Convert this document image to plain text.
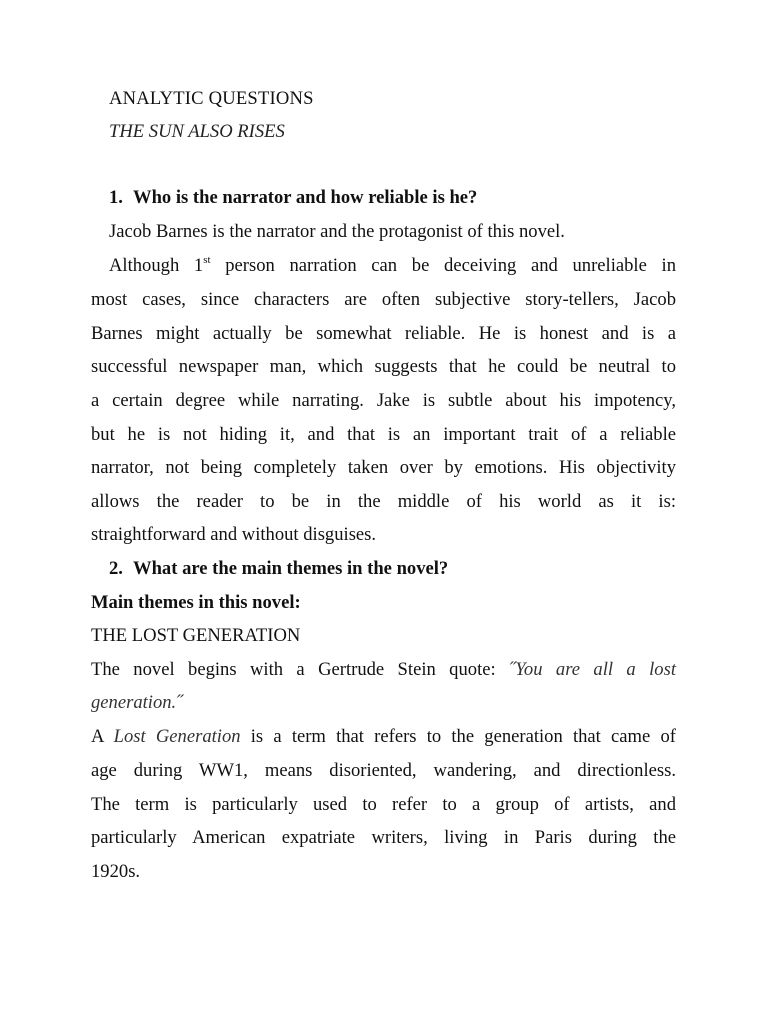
ANALYTIC QUESTIONS
THE SUN ALSO RISES
1. Who is the narrator and how reliable is he?
Jacob Barnes is the narrator and the protagonist of this novel.
Although 1st person narration can be deceiving and unreliable in
most cases, since characters are often subjective story-tellers, Jacob
Barnes might actually be somewhat reliable. He is honest and is a
successful newspaper man, which suggests that he could be neutral to
a certain degree while narrating. Jake is subtle about his impotency,
but he is not hiding it, and that is an important trait of a reliable
narrator, not being completely taken over by emotions. His objectivity
allows the reader to be in the middle of his world as it is:
straightforward and without disguises.
2. What are the main themes in the novel?
Main themes in this novel:
THE LOST GENERATION
The novel begins with a Gertrude Stein quote: ˝You are all a lost
generation.˝
A Lost Generation is a term that refers to the generation that came of
age during WW1, means disoriented, wandering, and directionless.
The term is particularly used to refer to a group of artists, and
particularly American expatriate writers, living in Paris during the
1920s.
